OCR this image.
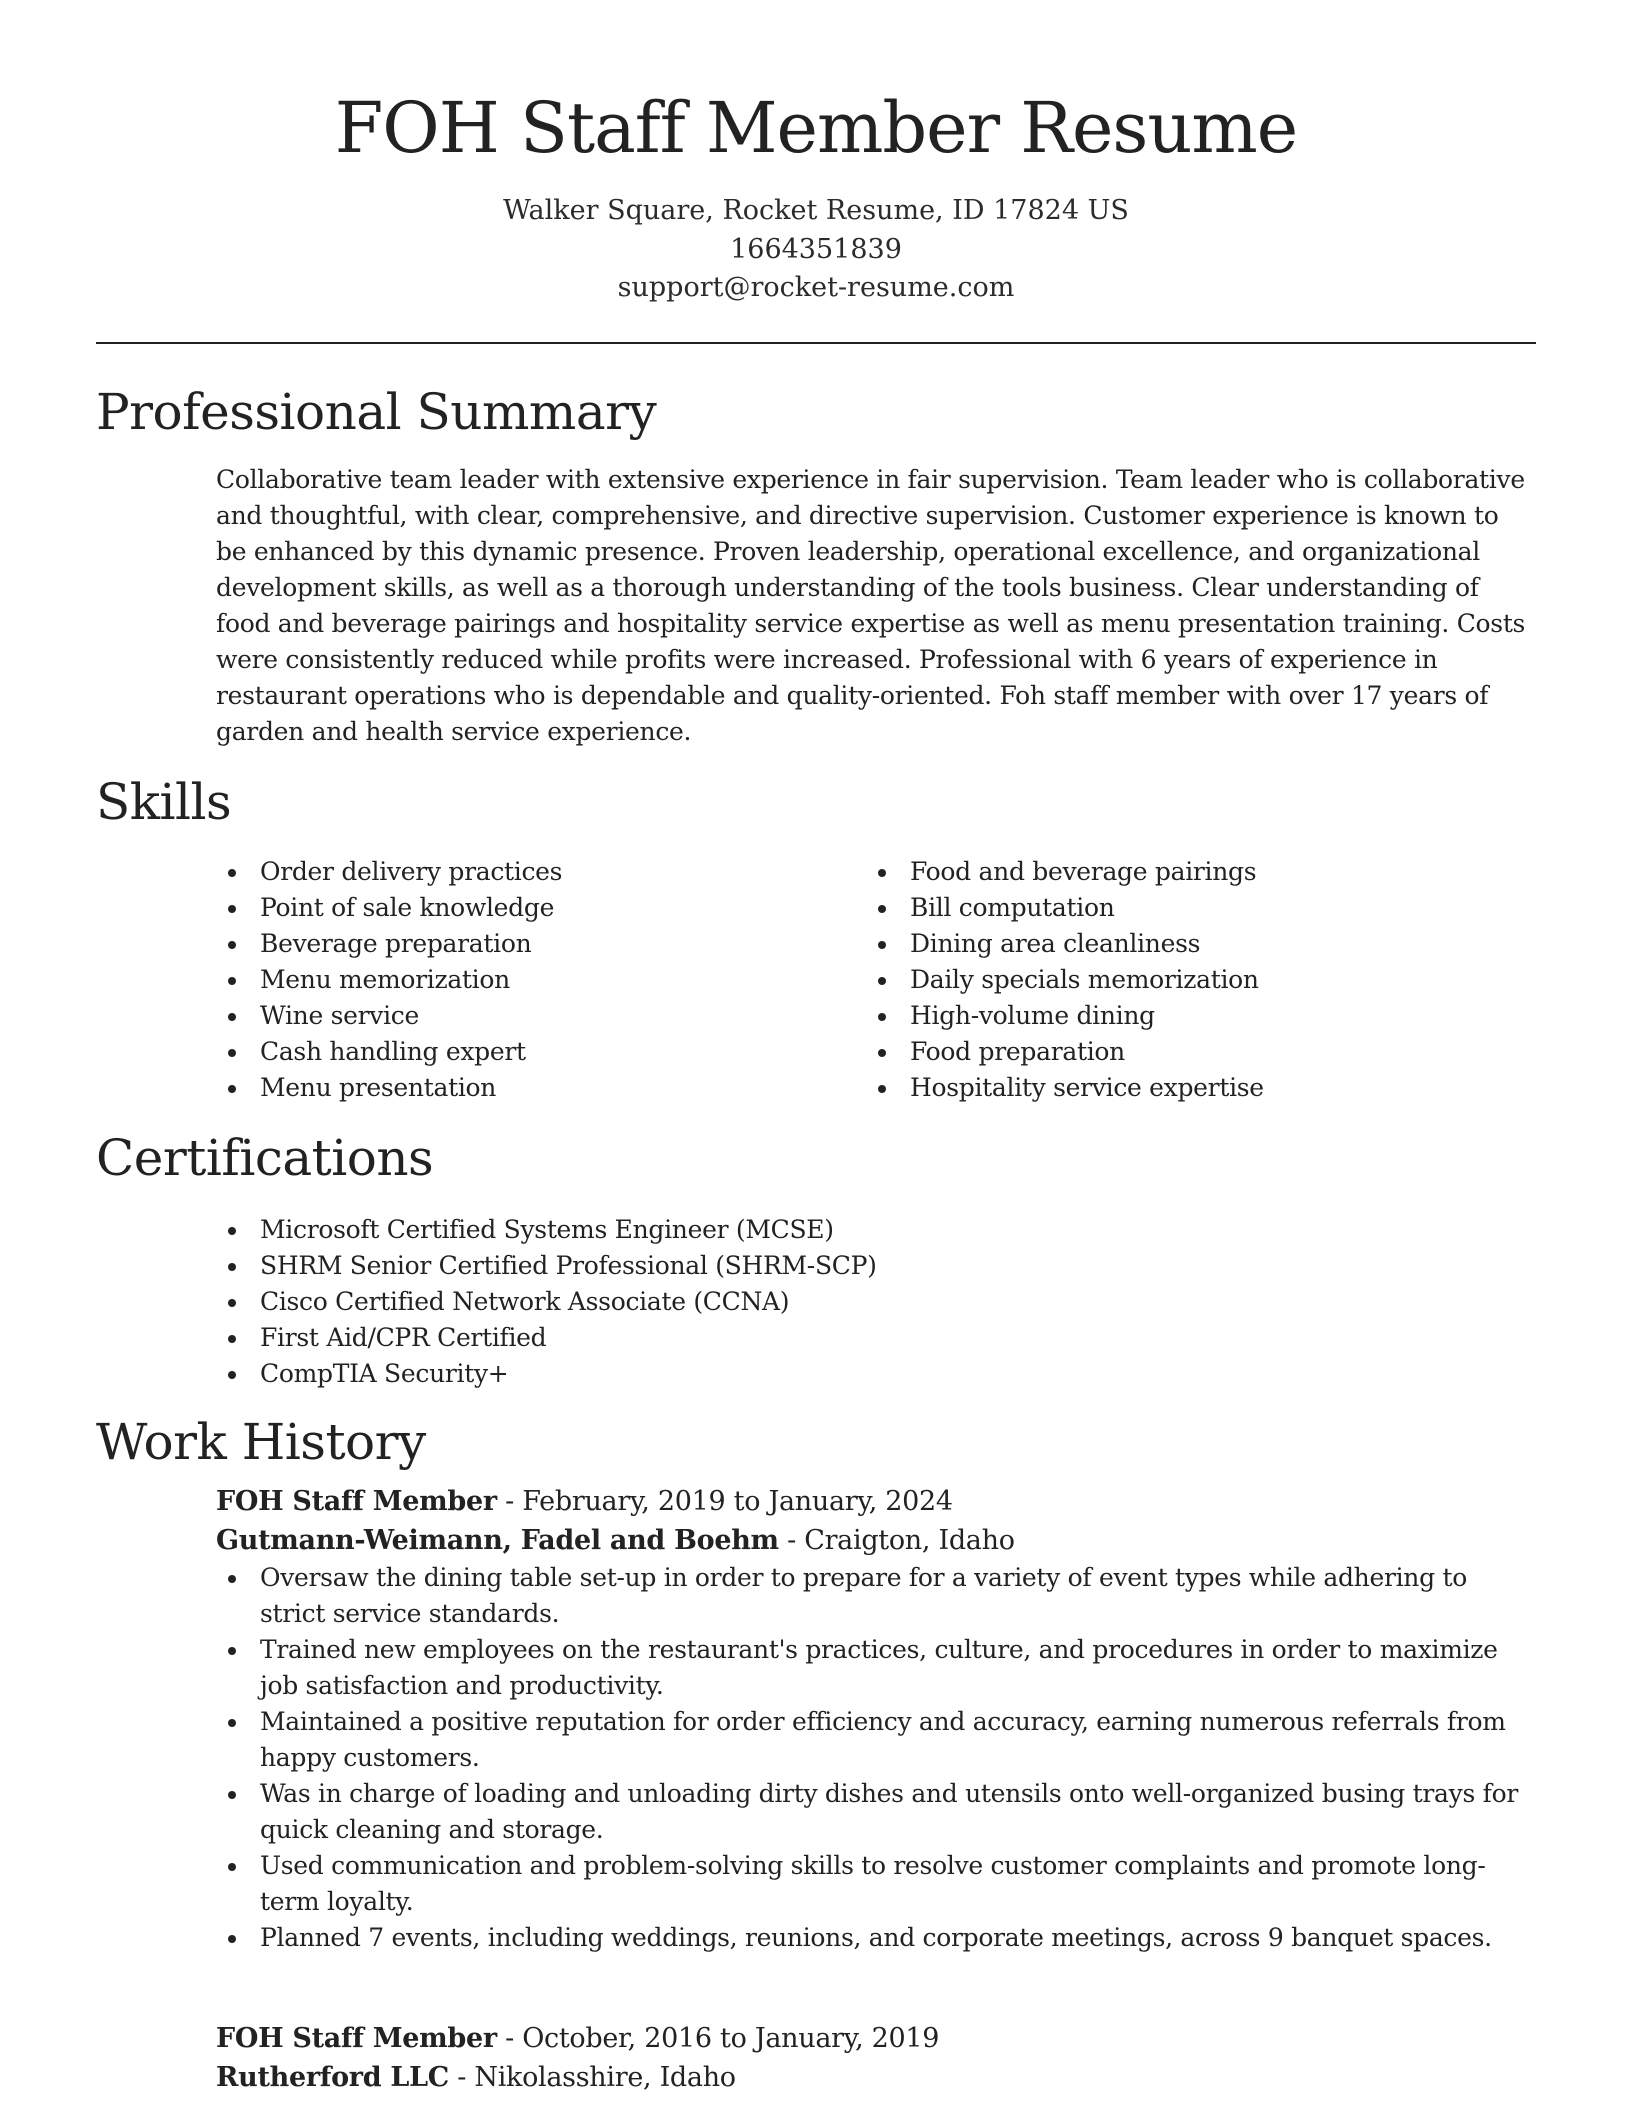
FOH Staff Member Resume
Walker Square, Rocket Resume, ID 17824 US
1664351839
support@rocket-resume.com
Professional Summary

Collaborative team leader with extensive experience in fair supervision. Team leader who is collaborative and thoughtful, with clear, comprehensive, and directive supervision. Customer experience is known to be enhanced by this dynamic presence. Proven leadership, operational excellence, and organizational development skills, as well as a thorough understanding of the tools business. Clear understanding of food and beverage pairings and hospitality service expertise as well as menu presentation training. Costs were consistently reduced while profits were increased. Professional with 6 years of experience in restaurant operations who is dependable and quality-oriented. Foh staff member with over 17 years of garden and health service experience.

Skills
Order delivery practices
Point of sale knowledge
Beverage preparation
Menu memorization
Wine service
Cash handling expert
Menu presentation
Food and beverage pairings
Bill computation
Dining area cleanliness
Daily specials memorization
High-volume dining
Food preparation
Hospitality service expertise
Certifications
Microsoft Certified Systems Engineer (MCSE)
SHRM Senior Certified Professional (SHRM-SCP)
Cisco Certified Network Associate (CCNA)
First Aid/CPR Certified
CompTIA Security+
Work History
FOH Staff Member - February, 2019 to January, 2024
Gutmann-Weimann, Fadel and Boehm - Craigton, Idaho
Oversaw the dining table set-up in order to prepare for a variety of event types while adhering to strict service standards.
Trained new employees on the restaurant's practices, culture, and procedures in order to maximize job satisfaction and productivity.
Maintained a positive reputation for order efficiency and accuracy, earning numerous referrals from happy customers.
Was in charge of loading and unloading dirty dishes and utensils onto well-organized busing trays for quick cleaning and storage.
Used communication and problem-solving skills to resolve customer complaints and promote long-term loyalty.
Planned 7 events, including weddings, reunions, and corporate meetings, across 9 banquet spaces.
FOH Staff Member - October, 2016 to January, 2019
Rutherford LLC - Nikolasshire, Idaho
